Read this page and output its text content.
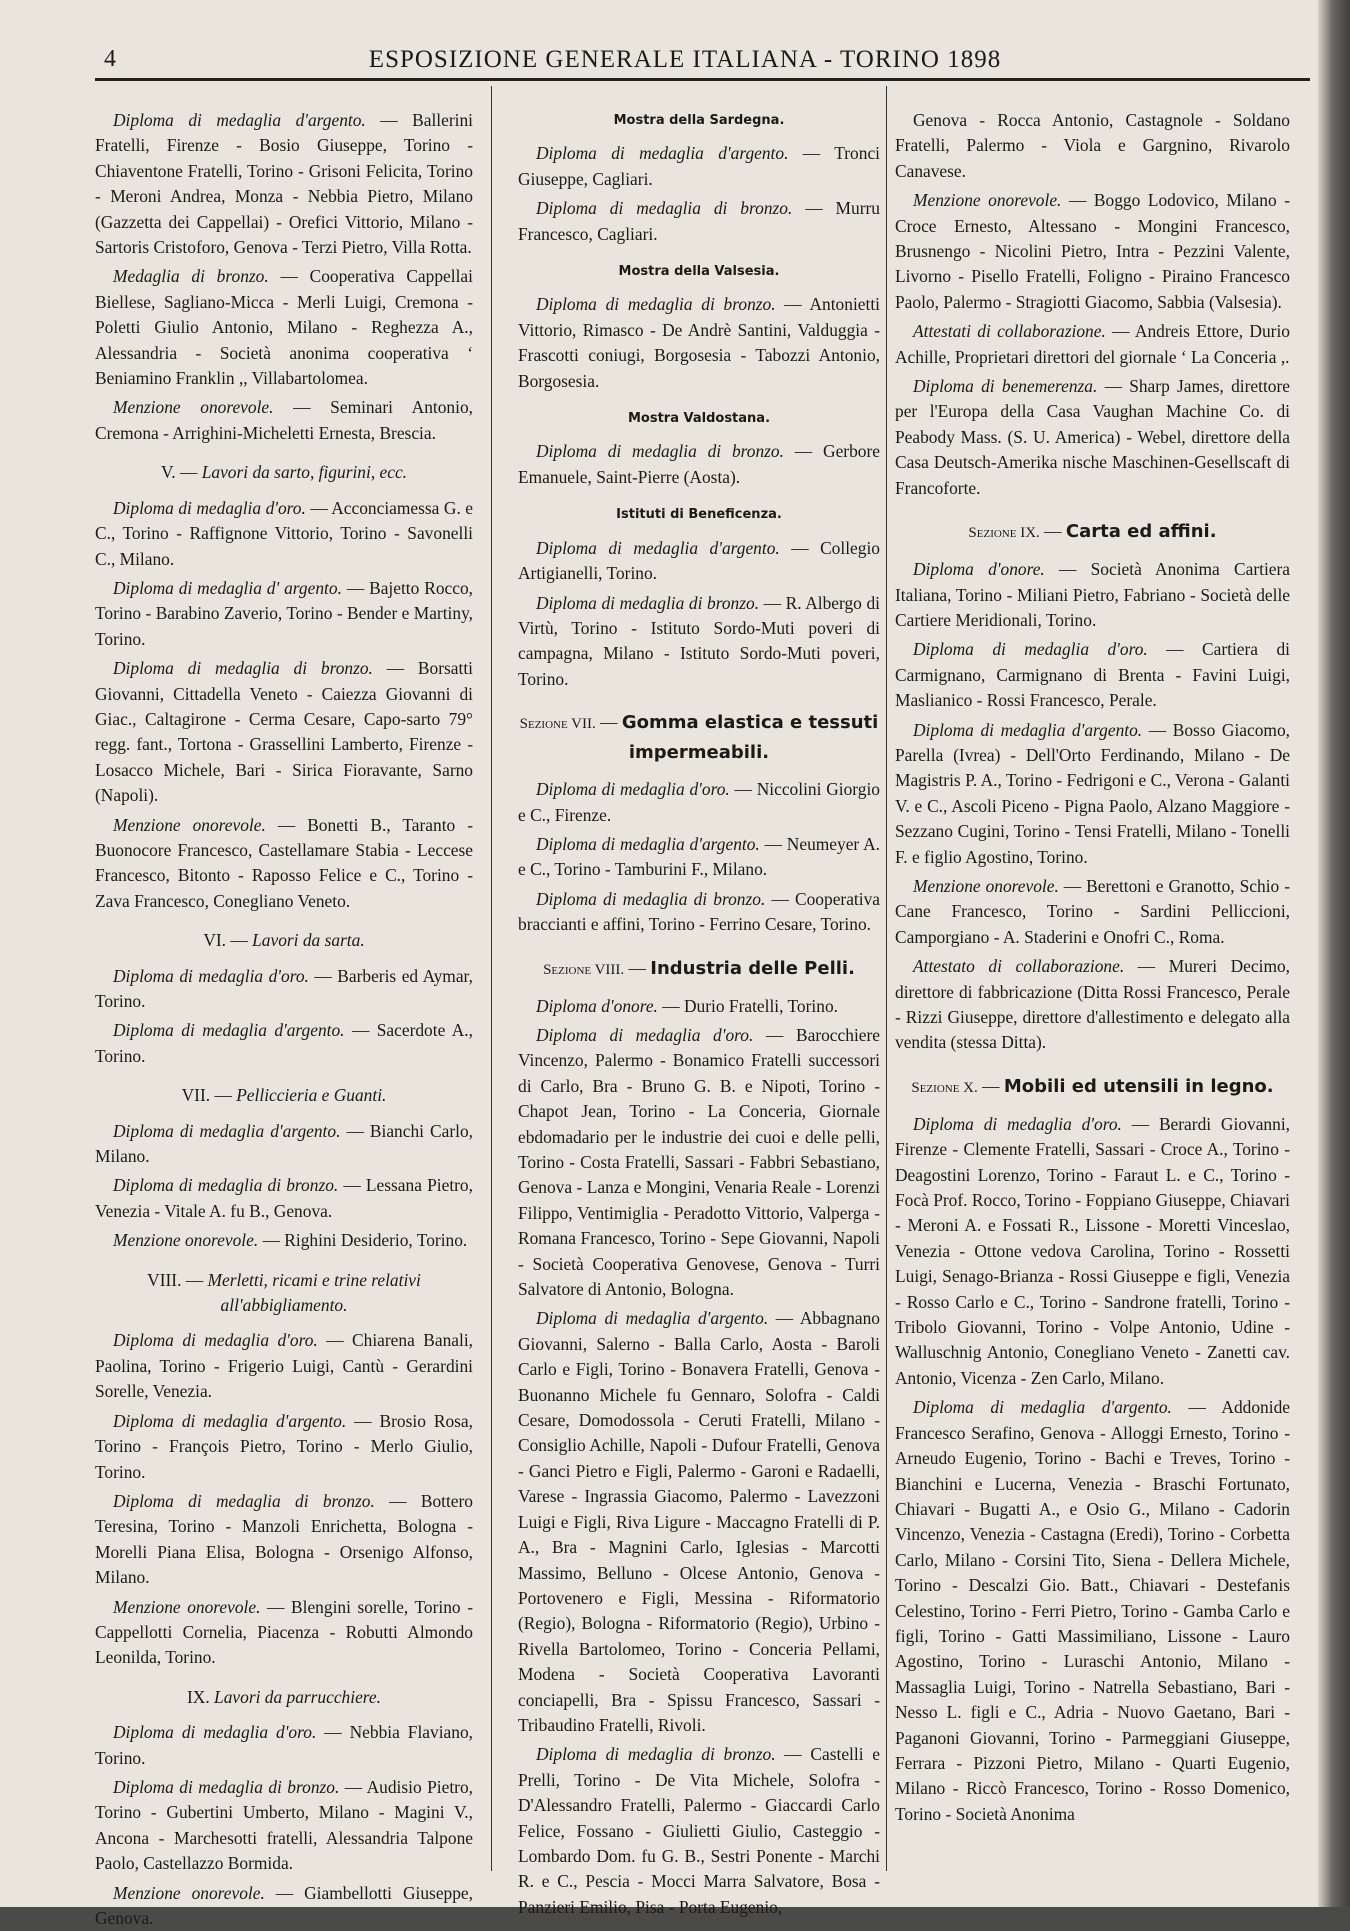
4	ESPOSIZIONE GENERALE ITALIANA - TORINO 1898

Diploma di medaglia d'argento. — Ballerini Fratelli, Firenze - Bosio Giuseppe, Torino - Chiaventone Fratelli, Torino - Grisoni Felicita, Torino - Meroni Andrea, Monza - Nebbia Pietro, Milano (Gazzetta dei Cappellai) - Orefici Vittorio, Milano - Sartoris Cristoforo, Genova - Terzi Pietro, Villa Rotta.

Medaglia di bronzo. — Cooperativa Cappellai Biellese, Sagliano-Micca - Merli Luigi, Cremona - Poletti Giulio Antonio, Milano - Reghezza A., Alessandria - Società anonima cooperativa ‘ Beniamino Franklin ,, Villabartolomea.

Menzione onorevole. — Seminari Antonio, Cremona - Arrighini-Micheletti Ernesta, Brescia.

V. — Lavori da sarto, figurini, ecc.

Diploma di medaglia d'oro. — Acconciamessa G. e C., Torino - Raffignone Vittorio, Torino - Savonelli C., Milano.

Diploma di medaglia d' argento. — Bajetto Rocco, Torino - Barabino Zaverio, Torino - Bender e Martiny, Torino.

Diploma di medaglia di bronzo. — Borsatti Giovanni, Cittadella Veneto - Caiezza Giovanni di Giac., Caltagirone - Cerma Cesare, Capo-sarto 79° regg. fant., Tortona - Grassellini Lamberto, Firenze - Losacco Michele, Bari - Sirica Fioravante, Sarno (Napoli).

Menzione onorevole. — Bonetti B., Taranto - Buonocore Francesco, Castellamare Stabia - Leccese Francesco, Bitonto - Raposso Felice e C., Torino - Zava Francesco, Conegliano Veneto.

VI. — Lavori da sarta.

Diploma di medaglia d'oro. — Barberis ed Aymar, Torino.

Diploma di medaglia d'argento. — Sacerdote A., Torino.

VII. — Pelliccieria e Guanti.

Diploma di medaglia d'argento. — Bianchi Carlo, Milano.

Diploma di medaglia di bronzo. — Lessana Pietro, Venezia - Vitale A. fu B., Genova.

Menzione onorevole. — Righini Desiderio, Torino.

VIII. — Merletti, ricami e trine relativi all'abbigliamento.

Diploma di medaglia d'oro. — Chiarena Banali, Paolina, Torino - Frigerio Luigi, Cantù - Gerardini Sorelle, Venezia.

Diploma di medaglia d'argento. — Brosio Rosa, Torino - François Pietro, Torino - Merlo Giulio, Torino.

Diploma di medaglia di bronzo. — Bottero Teresina, Torino - Manzoli Enrichetta, Bologna - Morelli Piana Elisa, Bologna - Orsenigo Alfonso, Milano.

Menzione onorevole. — Blengini sorelle, Torino - Cappellotti Cornelia, Piacenza - Robutti Almondo Leonilda, Torino.

IX. Lavori da parrucchiere.

Diploma di medaglia d'oro. — Nebbia Flaviano, Torino.

Diploma di medaglia di bronzo. — Audisio Pietro, Torino - Gubertini Umberto, Milano - Magini V., Ancona - Marchesotti fratelli, Alessandria Talpone Paolo, Castellazzo Bormida.

Menzione onorevole. — Giambellotti Giuseppe, Genova.

Mostra della Sardegna.

Diploma di medaglia d'argento. — Tronci Giuseppe, Cagliari.

Diploma di medaglia di bronzo. — Murru Francesco, Cagliari.

Mostra della Valsesia.

Diploma di medaglia di bronzo. — Antonietti Vittorio, Rimasco - De Andrè Santini, Valduggia - Frascotti coniugi, Borgosesia - Tabozzi Antonio, Borgosesia.

Mostra Valdostana.

Diploma di medaglia di bronzo. — Gerbore Emanuele, Saint-Pierre (Aosta).

Istituti di Beneficenza.

Diploma di medaglia d'argento. — Collegio Artigianelli, Torino.

Diploma di medaglia di bronzo. — R. Albergo di Virtù, Torino - Istituto Sordo-Muti poveri di campagna, Milano - Istituto Sordo-Muti poveri, Torino.

Sezione VII. — Gomma elastica e tessuti impermeabili.

Diploma di medaglia d'oro. — Niccolini Giorgio e C., Firenze.

Diploma di medaglia d'argento. — Neumeyer A. e C., Torino - Tamburini F., Milano.

Diploma di medaglia di bronzo. — Cooperativa braccianti e affini, Torino - Ferrino Cesare, Torino.

Sezione VIII. — Industria delle Pelli.

Diploma d'onore. — Durio Fratelli, Torino.

Diploma di medaglia d'oro. — Barocchiere Vincenzo, Palermo - Bonamico Fratelli successori di Carlo, Bra - Bruno G. B. e Nipoti, Torino - Chapot Jean, Torino - La Conceria, Giornale ebdomadario per le industrie dei cuoi e delle pelli, Torino - Costa Fratelli, Sassari - Fabbri Sebastiano, Genova - Lanza e Mongini, Venaria Reale - Lorenzi Filippo, Ventimiglia - Peradotto Vittorio, Valperga - Romana Francesco, Torino - Sepe Giovanni, Napoli - Società Cooperativa Genovese, Genova - Turri Salvatore di Antonio, Bologna.

Diploma di medaglia d'argento. — Abbagnano Giovanni, Salerno - Balla Carlo, Aosta - Baroli Carlo e Figli, Torino - Bonavera Fratelli, Genova - Buonanno Michele fu Gennaro, Solofra - Caldi Cesare, Domodossola - Ceruti Fratelli, Milano - Consiglio Achille, Napoli - Dufour Fratelli, Genova - Ganci Pietro e Figli, Palermo - Garoni e Radaelli, Varese - Ingrassia Giacomo, Palermo - Lavezzoni Luigi e Figli, Riva Ligure - Maccagno Fratelli di P. A., Bra - Magnini Carlo, Iglesias - Marcotti Massimo, Belluno - Olcese Antonio, Genova - Portovenero e Figli, Messina - Riformatorio (Regio), Bologna - Riformatorio (Regio), Urbino - Rivella Bartolomeo, Torino - Conceria Pellami, Modena - Società Cooperativa Lavoranti conciapelli, Bra - Spissu Francesco, Sassari - Tribaudino Fratelli, Rivoli.

Diploma di medaglia di bronzo. — Castelli e Prelli, Torino - De Vita Michele, Solofra - D'Alessandro Fratelli, Palermo - Giaccardi Carlo Felice, Fossano - Giulietti Giulio, Casteggio - Lombardo Dom. fu G. B., Sestri Ponente - Marchi R. e C., Pescia - Mocci Marra Salvatore, Bosa - Panzieri Emilio, Pisa - Porta Eugenio,

Genova - Rocca Antonio, Castagnole - Soldano Fratelli, Palermo - Viola e Gargnino, Rivarolo Canavese.

Menzione onorevole. — Boggo Lodovico, Milano - Croce Ernesto, Altessano - Mongini Francesco, Brusnengo - Nicolini Pietro, Intra - Pezzini Valente, Livorno - Pisello Fratelli, Foligno - Piraino Francesco Paolo, Palermo - Stragiotti Giacomo, Sabbia (Valsesia).

Attestati di collaborazione. — Andreis Ettore, Durio Achille, Proprietari direttori del giornale ‘ La Conceria ,.

Diploma di benemerenza. — Sharp James, direttore per l'Europa della Casa Vaughan Machine Co. di Peabody Mass. (S. U. America) - Webel, direttore della Casa Deutsch-Amerika nische Maschinen-Gesellscaft di Francoforte.

Sezione IX. — Carta ed affini.

Diploma d'onore. — Società Anonima Cartiera Italiana, Torino - Miliani Pietro, Fabriano - Società delle Cartiere Meridionali, Torino.

Diploma di medaglia d'oro. — Cartiera di Carmignano, Carmignano di Brenta - Favini Luigi, Maslianico - Rossi Francesco, Perale.

Diploma di medaglia d'argento. — Bosso Giacomo, Parella (Ivrea) - Dell'Orto Ferdinando, Milano - De Magistris P. A., Torino - Fedrigoni e C., Verona - Galanti V. e C., Ascoli Piceno - Pigna Paolo, Alzano Maggiore - Sezzano Cugini, Torino - Tensi Fratelli, Milano - Tonelli F. e figlio Agostino, Torino.

Menzione onorevole. — Berettoni e Granotto, Schio - Cane Francesco, Torino - Sardini Pelliccioni, Camporgiano - A. Staderini e Onofri C., Roma.

Attestato di collaborazione. — Mureri Decimo, direttore di fabbricazione (Ditta Rossi Francesco, Perale - Rizzi Giuseppe, direttore d'allestimento e delegato alla vendita (stessa Ditta).

Sezione X. — Mobili ed utensili in legno.

Diploma di medaglia d'oro. — Berardi Giovanni, Firenze - Clemente Fratelli, Sassari - Croce A., Torino - Deagostini Lorenzo, Torino - Faraut L. e C., Torino - Focà Prof. Rocco, Torino - Foppiano Giuseppe, Chiavari - Meroni A. e Fossati R., Lissone - Moretti Vinceslao, Venezia - Ottone vedova Carolina, Torino - Rossetti Luigi, Senago-Brianza - Rossi Giuseppe e figli, Venezia - Rosso Carlo e C., Torino - Sandrone fratelli, Torino - Tribolo Giovanni, Torino - Volpe Antonio, Udine - Walluschnig Antonio, Conegliano Veneto - Zanetti cav. Antonio, Vicenza - Zen Carlo, Milano.

Diploma di medaglia d'argento. — Addonide Francesco Serafino, Genova - Alloggi Ernesto, Torino - Arneudo Eugenio, Torino - Bachi e Treves, Torino - Bianchini e Lucerna, Venezia - Braschi Fortunato, Chiavari - Bugatti A., e Osio G., Milano - Cadorin Vincenzo, Venezia - Castagna (Eredi), Torino - Corbetta Carlo, Milano - Corsini Tito, Siena - Dellera Michele, Torino - Descalzi Gio. Batt., Chiavari - Destefanis Celestino, Torino - Ferri Pietro, Torino - Gamba Carlo e figli, Torino - Gatti Massimiliano, Lissone - Lauro Agostino, Torino - Luraschi Antonio, Milano - Massaglia Luigi, Torino - Natrella Sebastiano, Bari - Nesso L. figli e C., Adria - Nuovo Gaetano, Bari - Paganoni Giovanni, Torino - Parmeggiani Giuseppe, Ferrara - Pizzoni Pietro, Milano - Quarti Eugenio, Milano - Riccò Francesco, Torino - Rosso Domenico, Torino - Società Anonima
